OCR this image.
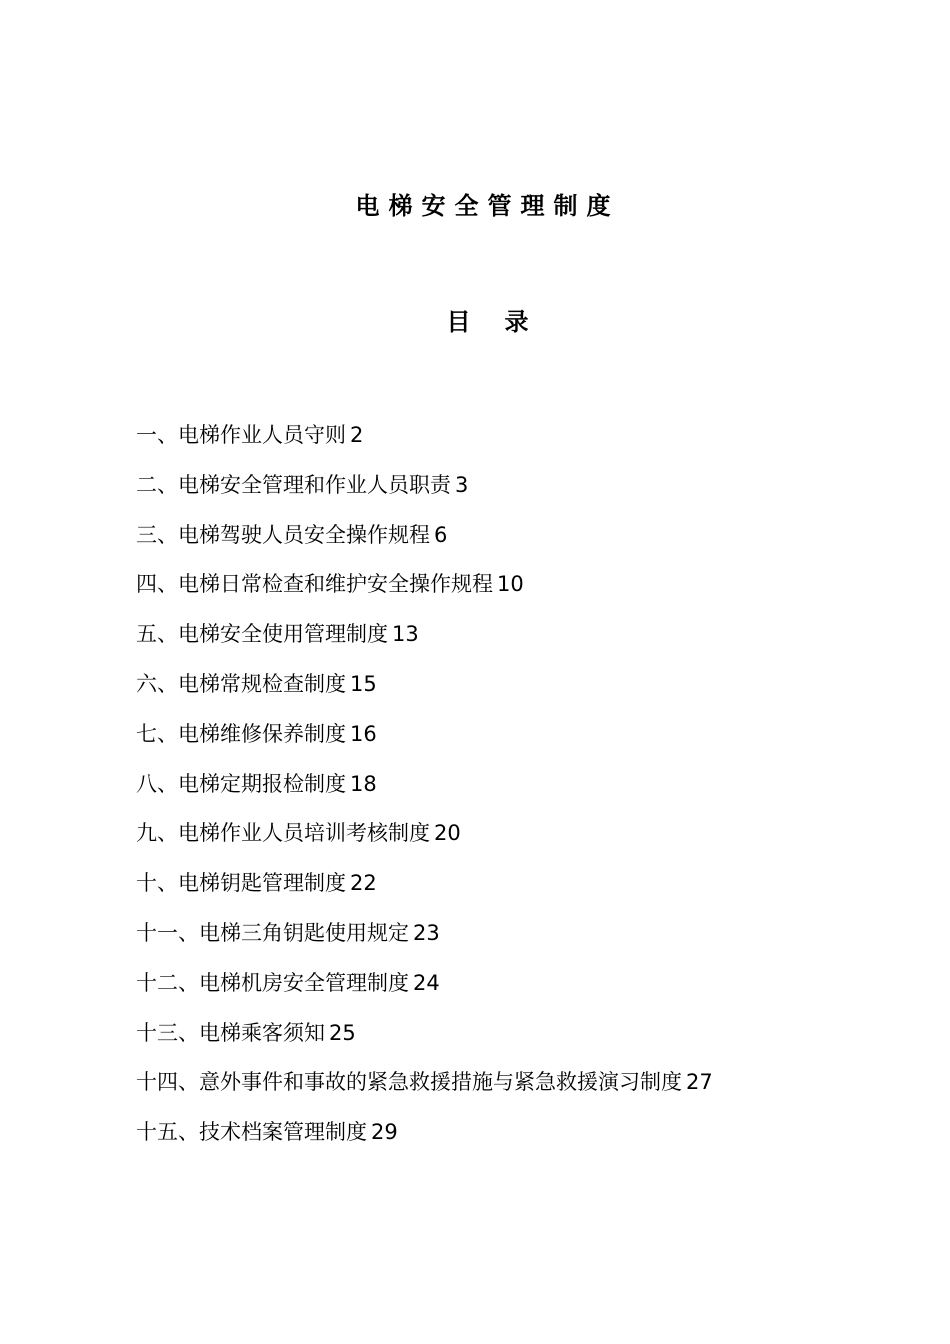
电梯安全管理制度
目 录
一、电梯作业人员守则 2
二、电梯安全管理和作业人员职责 3
三、电梯驾驶人员安全操作规程 6
四、电梯日常检查和维护安全操作规程 10
五、电梯安全使用管理制度 13
六、电梯常规检查制度 15
七、电梯维修保养制度 16
八、电梯定期报检制度 18
九、电梯作业人员培训考核制度 20
十、电梯钥匙管理制度 22
十一、电梯三角钥匙使用规定 23
十二、电梯机房安全管理制度 24
十三、电梯乘客须知 25
十四、意外事件和事故的紧急救援措施与紧急救援演习制度 27
十五、技术档案管理制度 29
